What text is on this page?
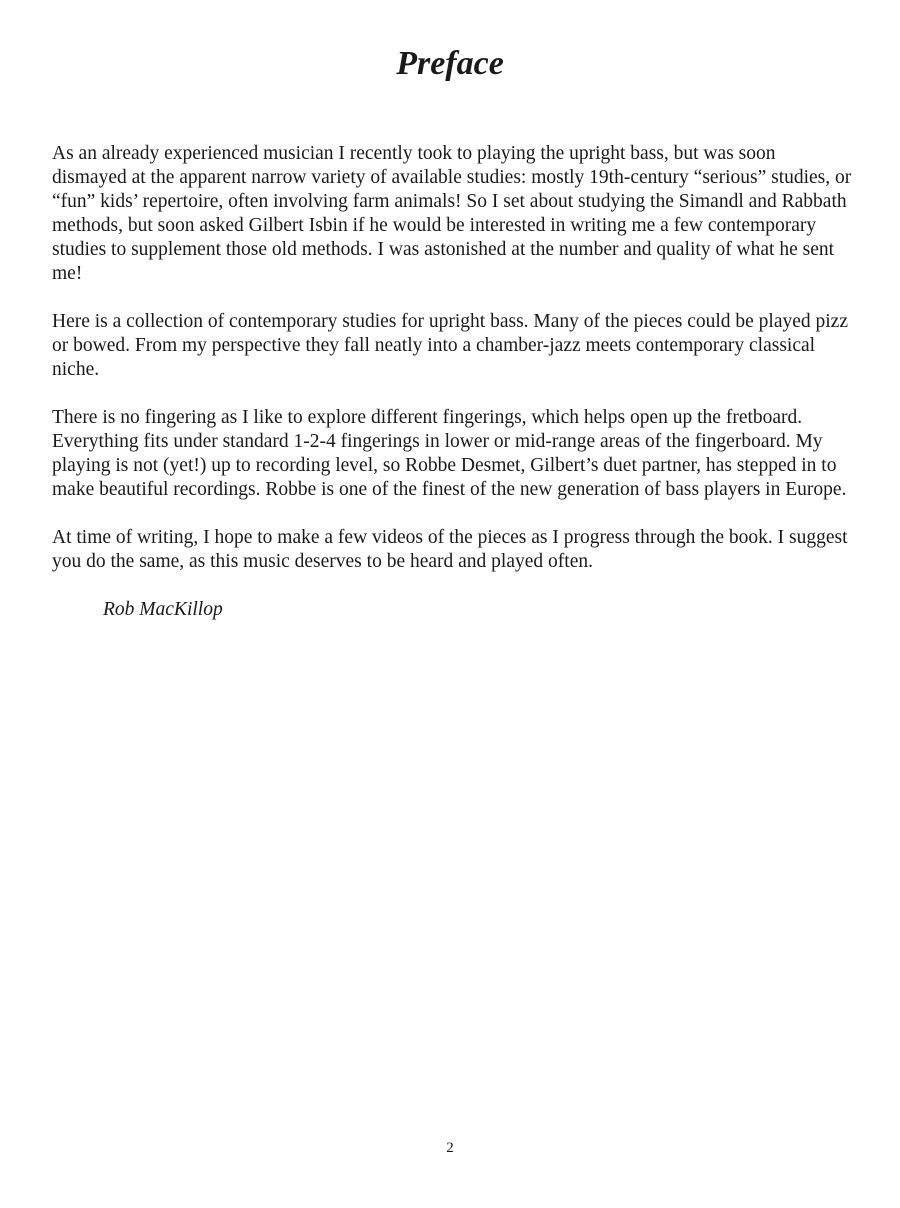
Preface

As an already experienced musician I recently took to playing the upright bass, but was soon dismayed at the apparent narrow variety of available studies: mostly 19th-century “serious” studies, or “fun” kids’ repertoire, often involving farm animals! So I set about studying the Simandl and Rabbath methods, but soon asked Gilbert Isbin if he would be interested in writing me a few contemporary studies to supplement those old methods. I was astonished at the number and quality of what he sent me!

Here is a collection of contemporary studies for upright bass. Many of the pieces could be played pizz or bowed. From my perspective they fall neatly into a chamber-jazz meets contemporary classical niche.

There is no fingering as I like to explore different fingerings, which helps open up the fretboard. Everything fits under standard 1-2-4 fingerings in lower or mid-range areas of the fingerboard. My playing is not (yet!) up to recording level, so Robbe Desmet, Gilbert’s duet partner, has stepped in to make beautiful recordings. Robbe is one of the finest of the new generation of bass players in Europe.

At time of writing, I hope to make a few videos of the pieces as I progress through the book. I suggest you do the same, as this music deserves to be heard and played often.

Rob MacKillop

2
